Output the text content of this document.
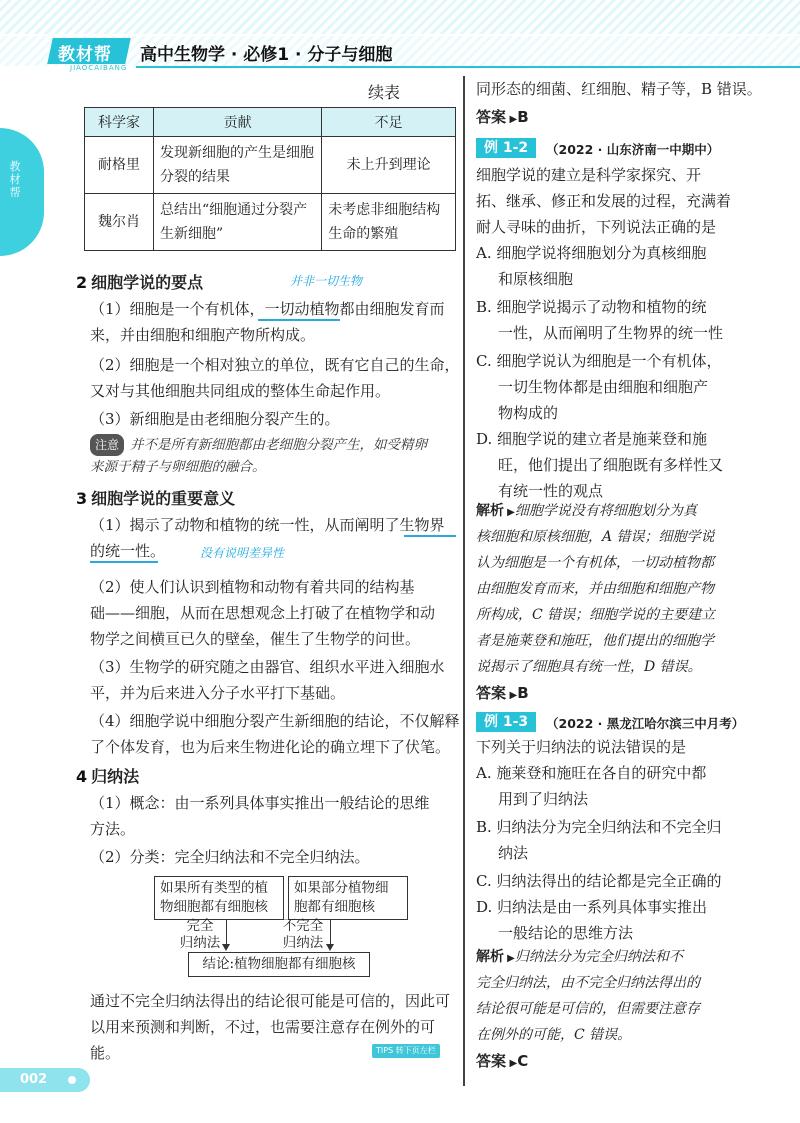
教材帮
JIAOCAIBANG
高中生物学 · 必修1 · 分子与细胞
教材帮
续表
科学家	贡献	不足
耐格里	发现新细胞的产生是细胞分裂的结果	未上升到理论
魏尔肖	总结出“细胞通过分裂产生新细胞”	未考虑非细胞结构生命的繁殖
2 细胞学说的要点	并非一切生物
（1）细胞是一个有机体，一切动植物都由细胞发育而
来，并由细胞和细胞产物所构成。
（2）细胞是一个相对独立的单位，既有它自己的生命，
又对与其他细胞共同组成的整体生命起作用。
（3）新细胞是由老细胞分裂产生的。
注意 并不是所有新细胞都由老细胞分裂产生，如受精卵
来源于精子与卵细胞的融合。
3 细胞学说的重要意义
（1）揭示了动物和植物的统一性，从而阐明了生物界
的统一性。	没有说明差异性
（2）使人们认识到植物和动物有着共同的结构基
础——细胞，从而在思想观念上打破了在植物学和动
物学之间横亘已久的壁垒，催生了生物学的问世。
（3）生物学的研究随之由器官、组织水平进入细胞水
平，并为后来进入分子水平打下基础。
（4）细胞学说中细胞分裂产生新细胞的结论，不仅解释
了个体发育，也为后来生物进化论的确立埋下了伏笔。
4 归纳法
（1）概念：由一系列具体事实推出一般结论的思维
方法。
（2）分类：完全归纳法和不完全归纳法。
如果所有类型的植
物细胞都有细胞核
如果部分植物细
胞都有细胞核
完全
归纳法
不完全
归纳法
结论:植物细胞都有细胞核
通过不完全归纳法得出的结论很可能是可信的，因此可
以用来预测和判断，不过，也需要注意存在例外的可能。
同形态的细菌、红细胞、精子等，B 错误。
答案 ▶B
例 1-2	（2022 · 山东济南一中期中）
细胞学说的建立是科学家探究、开
拓、继承、修正和发展的过程，充满着
耐人寻味的曲折，下列说法正确的是
A. 细胞学说将细胞划分为真核细胞
和原核细胞
B. 细胞学说揭示了动物和植物的统
一性，从而阐明了生物界的统一性
C. 细胞学说认为细胞是一个有机体，
一切生物体都是由细胞和细胞产
物构成的
D. 细胞学说的建立者是施莱登和施
旺，他们提出了细胞既有多样性又
有统一性的观点
解析 ▶细胞学说没有将细胞划分为真
核细胞和原核细胞，A 错误；细胞学说
认为细胞是一个有机体，一切动植物都
由细胞发育而来，并由细胞和细胞产物
所构成，C 错误；细胞学说的主要建立
者是施莱登和施旺，他们提出的细胞学
说揭示了细胞具有统一性，D 错误。
答案 ▶B
例 1-3	（2022 · 黑龙江哈尔滨三中月考）
下列关于归纳法的说法错误的是
A. 施莱登和施旺在各自的研究中都
用到了归纳法
B. 归纳法分为完全归纳法和不完全归
纳法
C. 归纳法得出的结论都是完全正确的
D. 归纳法是由一系列具体事实推出
一般结论的思维方法
解析 ▶归纳法分为完全归纳法和不
完全归纳法，由不完全归纳法得出的
结论很可能是可信的，但需要注意存
在例外的可能，C 错误。
答案 ▶C
TIPS 转下页左栏
002
